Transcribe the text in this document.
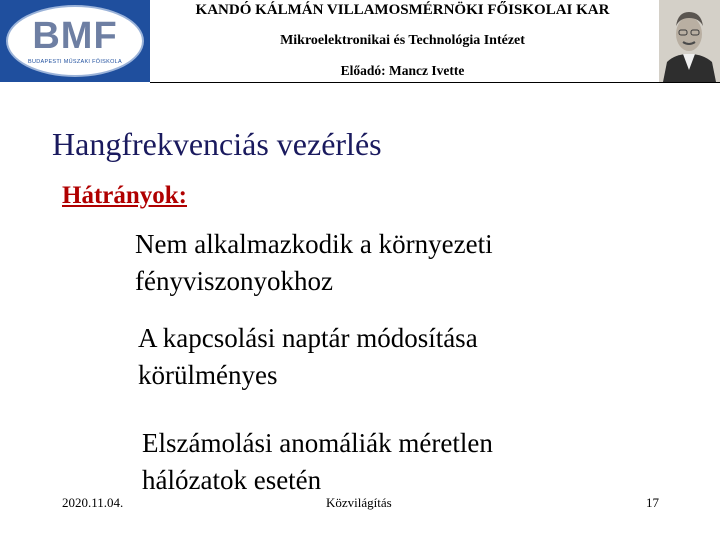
BMF
BUDAPESTI MŰSZAKI FŐISKOLA
KANDÓ KÁLMÁN VILLAMOSMÉRNÖKI FŐISKOLAI KAR
Mikroelektronikai és Technológia Intézet
Előadó: Mancz Ivette
Hangfrekvenciás vezérlés
Hátrányok:
Nem alkalmazkodik a környezeti
fényviszonyokhoz
A kapcsolási naptár módosítása
körülményes
Elszámolási anomáliák méretlen
hálózatok esetén
2020.11.04.	Közvilágítás	17
